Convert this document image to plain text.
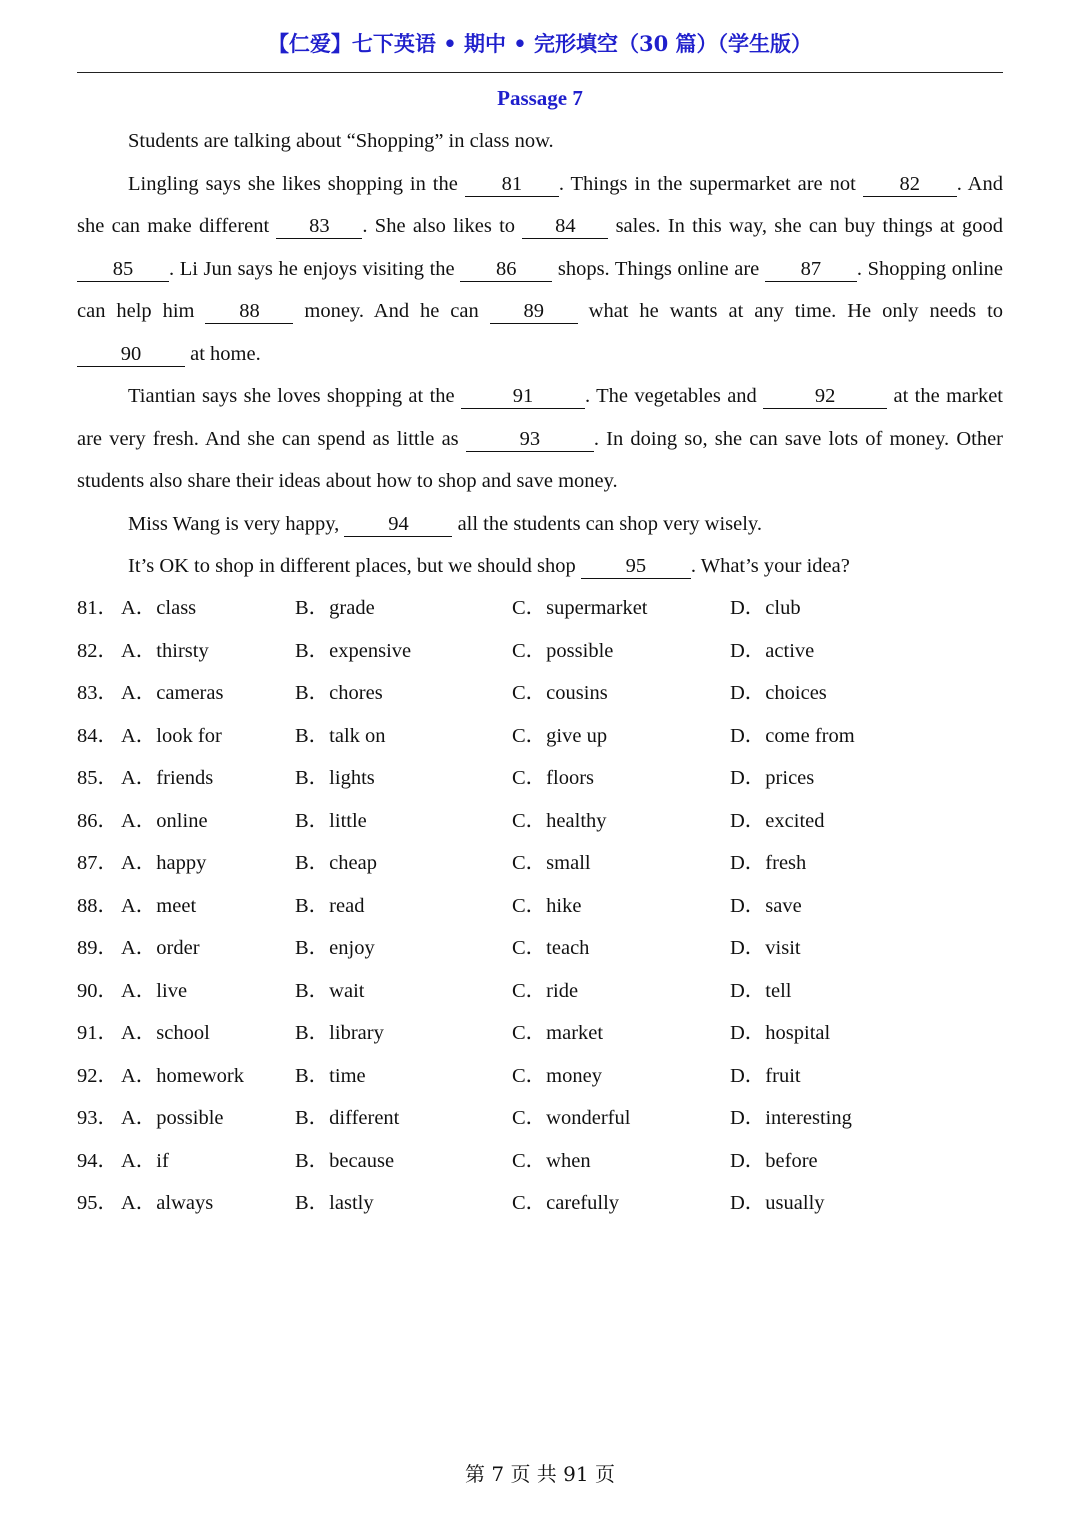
【仁爱】七下英语 • 期中 • 完形填空（30 篇）（学生版）
Passage 7

Students are talking about “Shopping” in class now.

Lingling says she likes shopping in the 81 . Things in the supermarket are not 82 . And she can make different 83 . She also likes to 84 sales. In this way, she can buy things at good 85 . Li Jun says he enjoys visiting the 86 shops. Things online are 87 . Shopping online can help him 88 money. And he can 89 what he wants at any time. He only needs to 90 at home.

Tiantian says she loves shopping at the	91	. The vegetables and	92	at the market are very fresh. And she can spend as little as	93	. In doing so, she can save lots of money. Other students also share their ideas about how to shop and save money.

Miss Wang is very happy, 94 all the students can shop very wisely.

It’s OK to shop in different places, but we should shop 95 . What’s your idea?

81． A．class	B．grade	C．supermarket	D．club
82． A．thirsty	B．expensive	C．possible	D．active
83． A．cameras	B．chores	C．cousins	D．choices
84． A．look for	B．talk on	C．give up	D．come from
85． A．friends	B．lights	C．floors	D．prices
86． A．online	B．little	C．healthy	D．excited
87． A．happy	B．cheap	C．small	D．fresh
88． A．meet	B．read	C．hike	D．save
89． A．order	B．enjoy	C．teach	D．visit
90． A．live	B．wait	C．ride	D．tell
91． A．school	B．library	C．market	D．hospital
92． A．homework B．time	C．money	D．fruit
93． A．possible	B．different	C．wonderful	D．interesting
94． A．if	B．because	C．when	D．before
95． A．always	B．lastly	C．carefully	D．usually
第 7 页 共 91 页
